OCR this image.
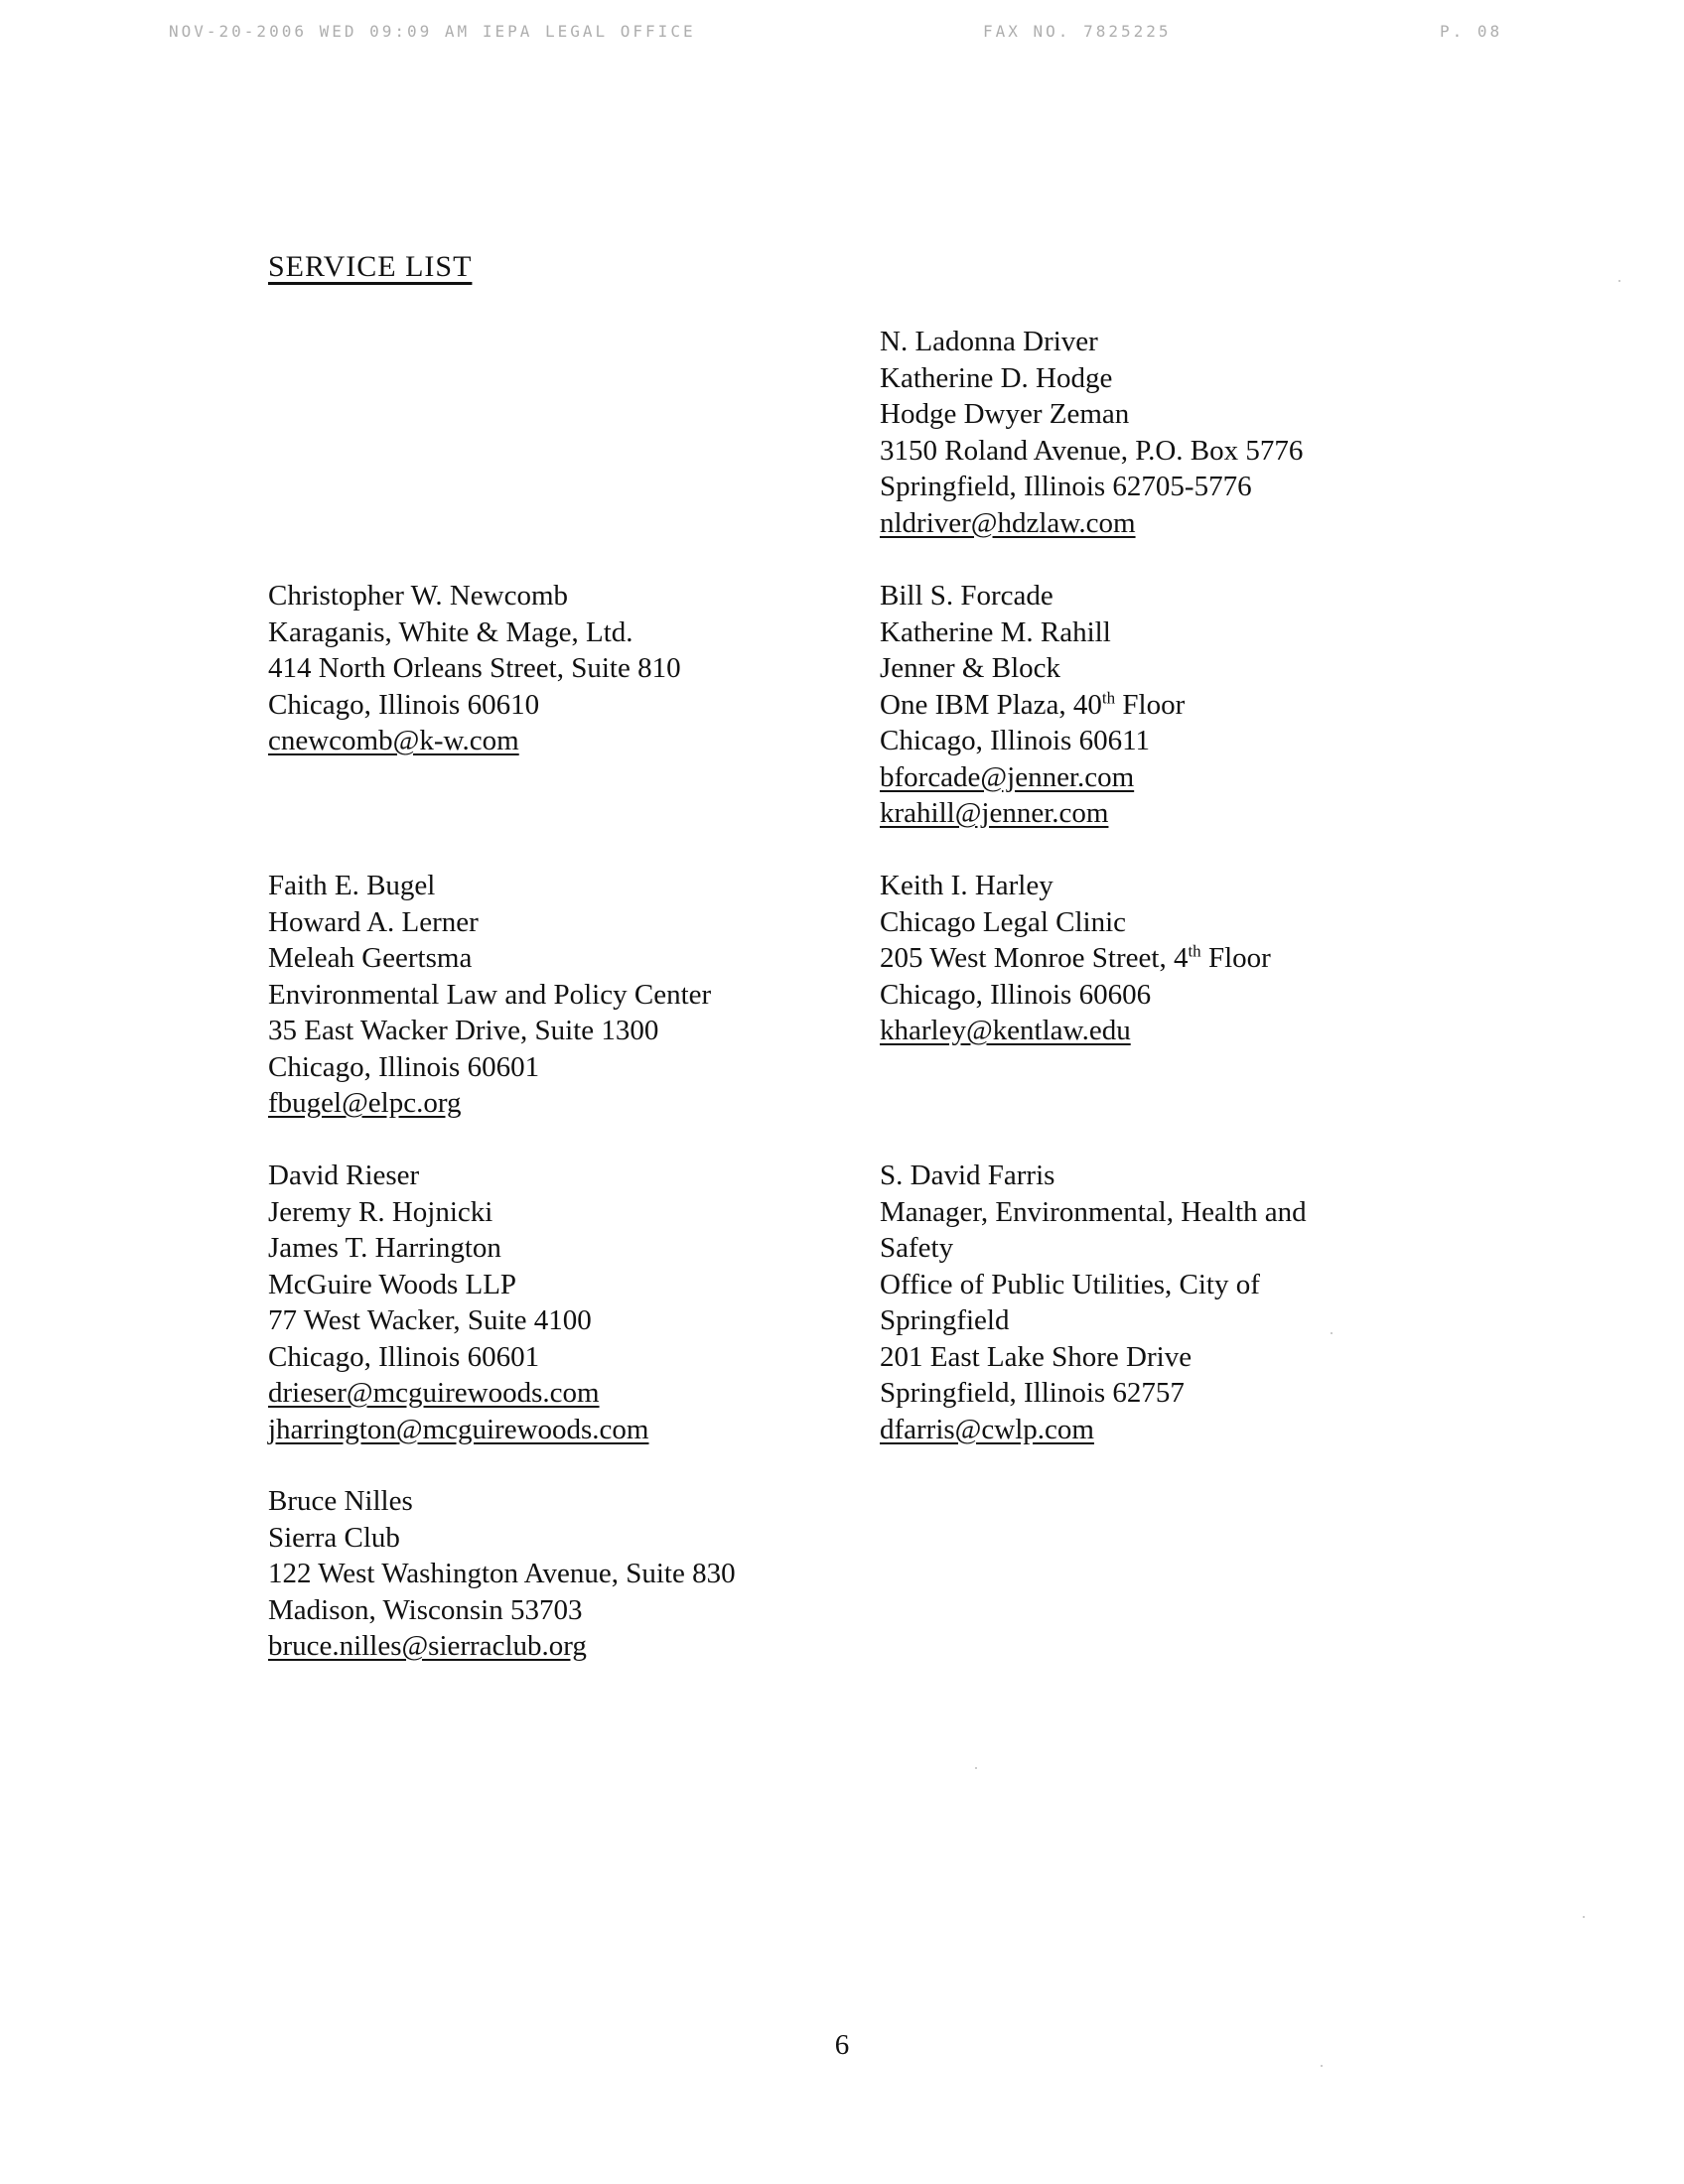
NOV-20-2006 WED 09:09 AM IEPA LEGAL OFFICE	FAX NO. 7825225	P. 08
SERVICE LIST
N. Ladonna Driver
Katherine D. Hodge
Hodge Dwyer Zeman
3150 Roland Avenue, P.O. Box 5776
Springfield, Illinois 62705-5776
nldriver@hdzlaw.com
Christopher W. Newcomb
Karaganis, White & Mage, Ltd.
414 North Orleans Street, Suite 810
Chicago, Illinois 60610
cnewcomb@k-w.com
Bill S. Forcade
Katherine M. Rahill
Jenner & Block
One IBM Plaza, 40th Floor
Chicago, Illinois 60611
bforcade@jenner.com
krahill@jenner.com
Faith E. Bugel
Howard A. Lerner
Meleah Geertsma
Environmental Law and Policy Center
35 East Wacker Drive, Suite 1300
Chicago, Illinois 60601
fbugel@elpc.org
Keith I. Harley
Chicago Legal Clinic
205 West Monroe Street, 4th Floor
Chicago, Illinois 60606
kharley@kentlaw.edu
David Rieser
Jeremy R. Hojnicki
James T. Harrington
McGuire Woods LLP
77 West Wacker, Suite 4100
Chicago, Illinois 60601
drieser@mcguirewoods.com
jharrington@mcguirewoods.com
S. David Farris
Manager, Environmental, Health and
Safety
Office of Public Utilities, City of
Springfield
201 East Lake Shore Drive
Springfield, Illinois 62757
dfarris@cwlp.com
Bruce Nilles
Sierra Club
122 West Washington Avenue, Suite 830
Madison, Wisconsin 53703
bruce.nilles@sierraclub.org
6
